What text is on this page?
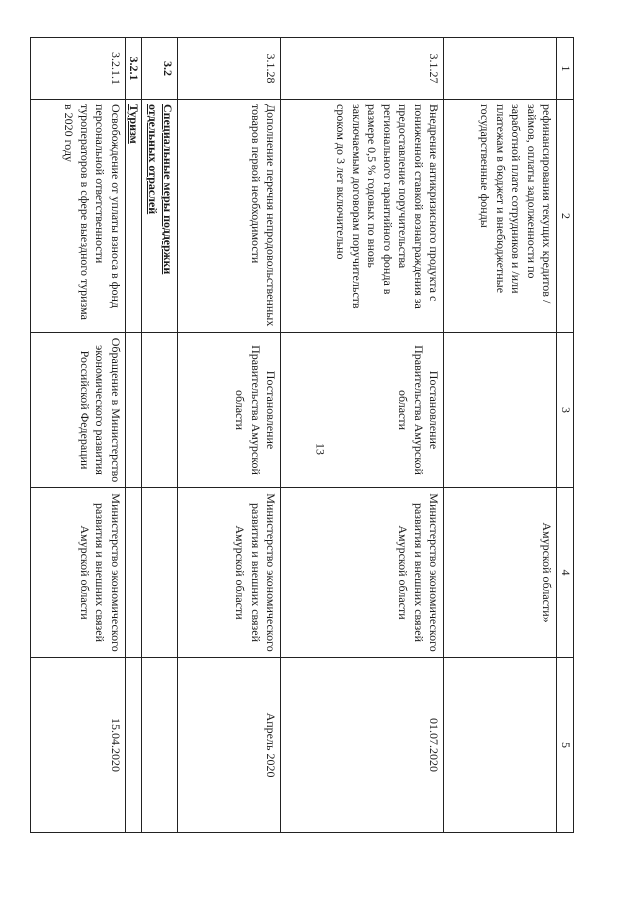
13
1	2	3	4	5
	рефинансирования текущих кредитов / займов, оплаты задолженности по заработной плате сотрудников и /или платежам в бюджет и внебюджетные государственные фонды		Амурской области»	
3.1.27	Внедрение антикризисного продукта с пониженной ставкой вознаграждения за предоставление поручительства регионального гарантийного фонда в размере 0,5 % годовых по вновь заключаемым договорам поручительств сроком до 3 лет включительно	Постановление Правительства Амурской области	Министерство экономического развития и внешних связей Амурской области	01.07.2020
3.1.28	Дополнение перечня непродовольственных товаров первой необходимости	Постановление Правительства Амурской области	Министерство экономического развития и внешних связей Амурской области	Апрель 2020
3.2	Специальные меры поддержки отдельных отраслей			
3.2.1	Туризм			
3.2.1.1	Освобождение от уплаты взноса в фонд персональной ответственности туроператоров в сфере выездного туризма в 2020 году	Обращение в Министерство экономического развития Российской Федерации	Министерство экономического развития и внешних связей Амурской области	15.04.2020
